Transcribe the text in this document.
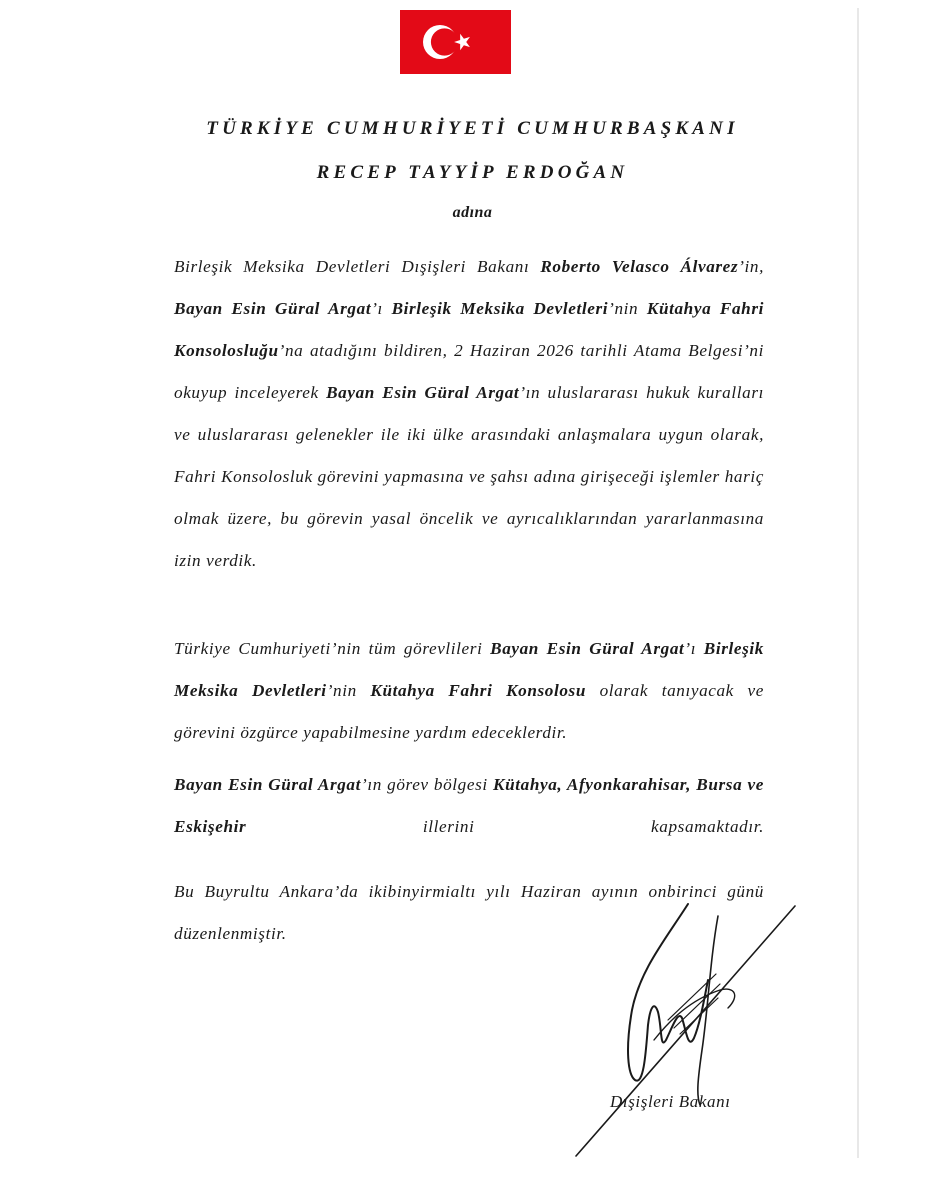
TÜRKİYE CUMHURİYETİ CUMHURBAŞKANI
RECEP TAYYİP ERDOĞAN
adına
Birleşik Meksika Devletleri Dışişleri Bakanı Roberto Velasco Álvarez’in, Bayan Esin Güral Argat’ı Birleşik Meksika Devletleri’nin Kütahya Fahri Konsolosluğu’na atadığını bildiren, 2 Haziran 2026 tarihli Atama Belgesi’ni okuyup inceleyerek Bayan Esin Güral Argat’ın uluslararası hukuk kuralları ve uluslararası gelenekler ile iki ülke arasındaki anlaşmalara uygun olarak, Fahri Konsolosluk görevini yapmasına ve şahsı adına girişeceği işlemler hariç olmak üzere, bu görevin yasal öncelik ve ayrıcalıklarından yararlanmasına izin verdik.
Türkiye Cumhuriyeti’nin tüm görevlileri Bayan Esin Güral Argat’ı Birleşik Meksika Devletleri’nin Kütahya Fahri Konsolosu olarak tanıyacak ve görevini özgürce yapabilmesine yardım edeceklerdir.
Bayan Esin Güral Argat’ın görev bölgesi Kütahya, Afyonkarahisar, Bursa ve Eskişehir illerini kapsamaktadır.
Bu Buyrultu Ankara’da ikibinyirmialtı yılı Haziran ayının onbirinci günü düzenlenmiştir.
Dışişleri Bakanı
